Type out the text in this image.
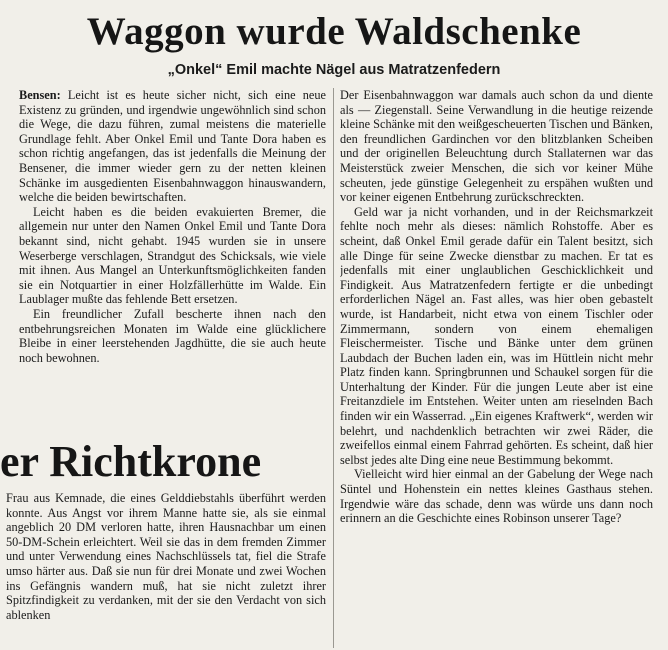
Waggon wurde Waldschenke
„Onkel“ Emil machte Nägel aus Matratzenfedern

Bensen: Leicht ist es heute sicher nicht, sich eine neue Existenz zu gründen, und irgendwie ungewöhnlich sind schon die Wege, die dazu führen, zumal meistens die materielle Grundlage fehlt. Aber Onkel Emil und Tante Dora haben es schon richtig angefangen, das ist jedenfalls die Meinung der Bensener, die immer wieder gern zu der netten kleinen Schänke im ausgedienten Eisenbahnwaggon hinauswandern, welche die beiden bewirtschaften.

Leicht haben es die beiden evakuierten Bremer, die allgemein nur unter den Namen Onkel Emil und Tante Dora bekannt sind, nicht gehabt. 1945 wurden sie in unsere Weserberge verschlagen, Strandgut des Schicksals, wie viele mit ihnen. Aus Mangel an Unterkunftsmöglichkeiten fanden sie ein Notquartier in einer Holzfällerhütte im Walde. Ein Laublager mußte das fehlende Bett ersetzen.

Ein freundlicher Zufall bescherte ihnen nach den entbehrungsreichen Monaten im Walde eine glücklichere Bleibe in einer leerstehenden Jagdhütte, die sie auch heute noch bewohnen.

Der Eisenbahnwaggon war damals auch schon da und diente als — Ziegenstall. Seine Verwandlung in die heutige reizende kleine Schänke mit den weißgescheuerten Tischen und Bänken, den freundlichen Gardinchen vor den blitzblanken Scheiben und der originellen Beleuchtung durch Stallaternen war das Meisterstück zweier Menschen, die sich vor keiner Mühe scheuten, jede günstige Gelegenheit zu erspähen wußten und vor keiner eigenen Entbehrung zurückschreckten.

Geld war ja nicht vorhanden, und in der Reichsmarkzeit fehlte noch mehr als dieses: nämlich Rohstoffe. Aber es scheint, daß Onkel Emil gerade dafür ein Talent besitzt, sich alle Dinge für seine Zwecke dienstbar zu machen. Er tat es jedenfalls mit einer unglaublichen Geschicklichkeit und Findigkeit. Aus Matratzenfedern fertigte er die unbedingt erforderlichen Nägel an. Fast alles, was hier oben gebastelt wurde, ist Handarbeit, nicht etwa von einem Tischler oder Zimmermann, sondern von einem ehemaligen Fleischermeister. Tische und Bänke unter dem grünen Laubdach der Buchen laden ein, was im Hüttlein nicht mehr Platz finden kann. Springbrunnen und Schaukel sorgen für die Unterhaltung der Kinder. Für die jungen Leute aber ist eine Freitanzdiele im Entstehen. Weiter unten am rieselnden Bach finden wir ein Wasserrad. „Ein eigenes Kraftwerk“, werden wir belehrt, und nachdenklich betrachten wir zwei Räder, die zweifellos einmal einem Fahrrad gehörten. Es scheint, daß hier selbst jedes alte Ding eine neue Bestimmung bekommt.

Vielleicht wird hier einmal an der Gabelung der Wege nach Süntel und Hohenstein ein nettes kleines Gasthaus stehen. Irgendwie wäre das schade, denn was würde uns dann noch erinnern an die Geschichte eines Robinson unserer Tage?

er Richtkrone

Frau aus Kemnade, die eines Gelddiebstahls überführt werden konnte. Aus Angst vor ihrem Manne hatte sie, als sie einmal angeblich 20 DM verloren hatte, ihren Hausnachbar um einen 50-DM-Schein erleichtert. Weil sie das in dem fremden Zimmer und unter Verwendung eines Nachschlüssels tat, fiel die Strafe umso härter aus. Daß sie nun für drei Monate und zwei Wochen ins Gefängnis wandern muß, hat sie nicht zuletzt ihrer Spitzfindigkeit zu verdanken, mit der sie den Verdacht von sich ablenken
